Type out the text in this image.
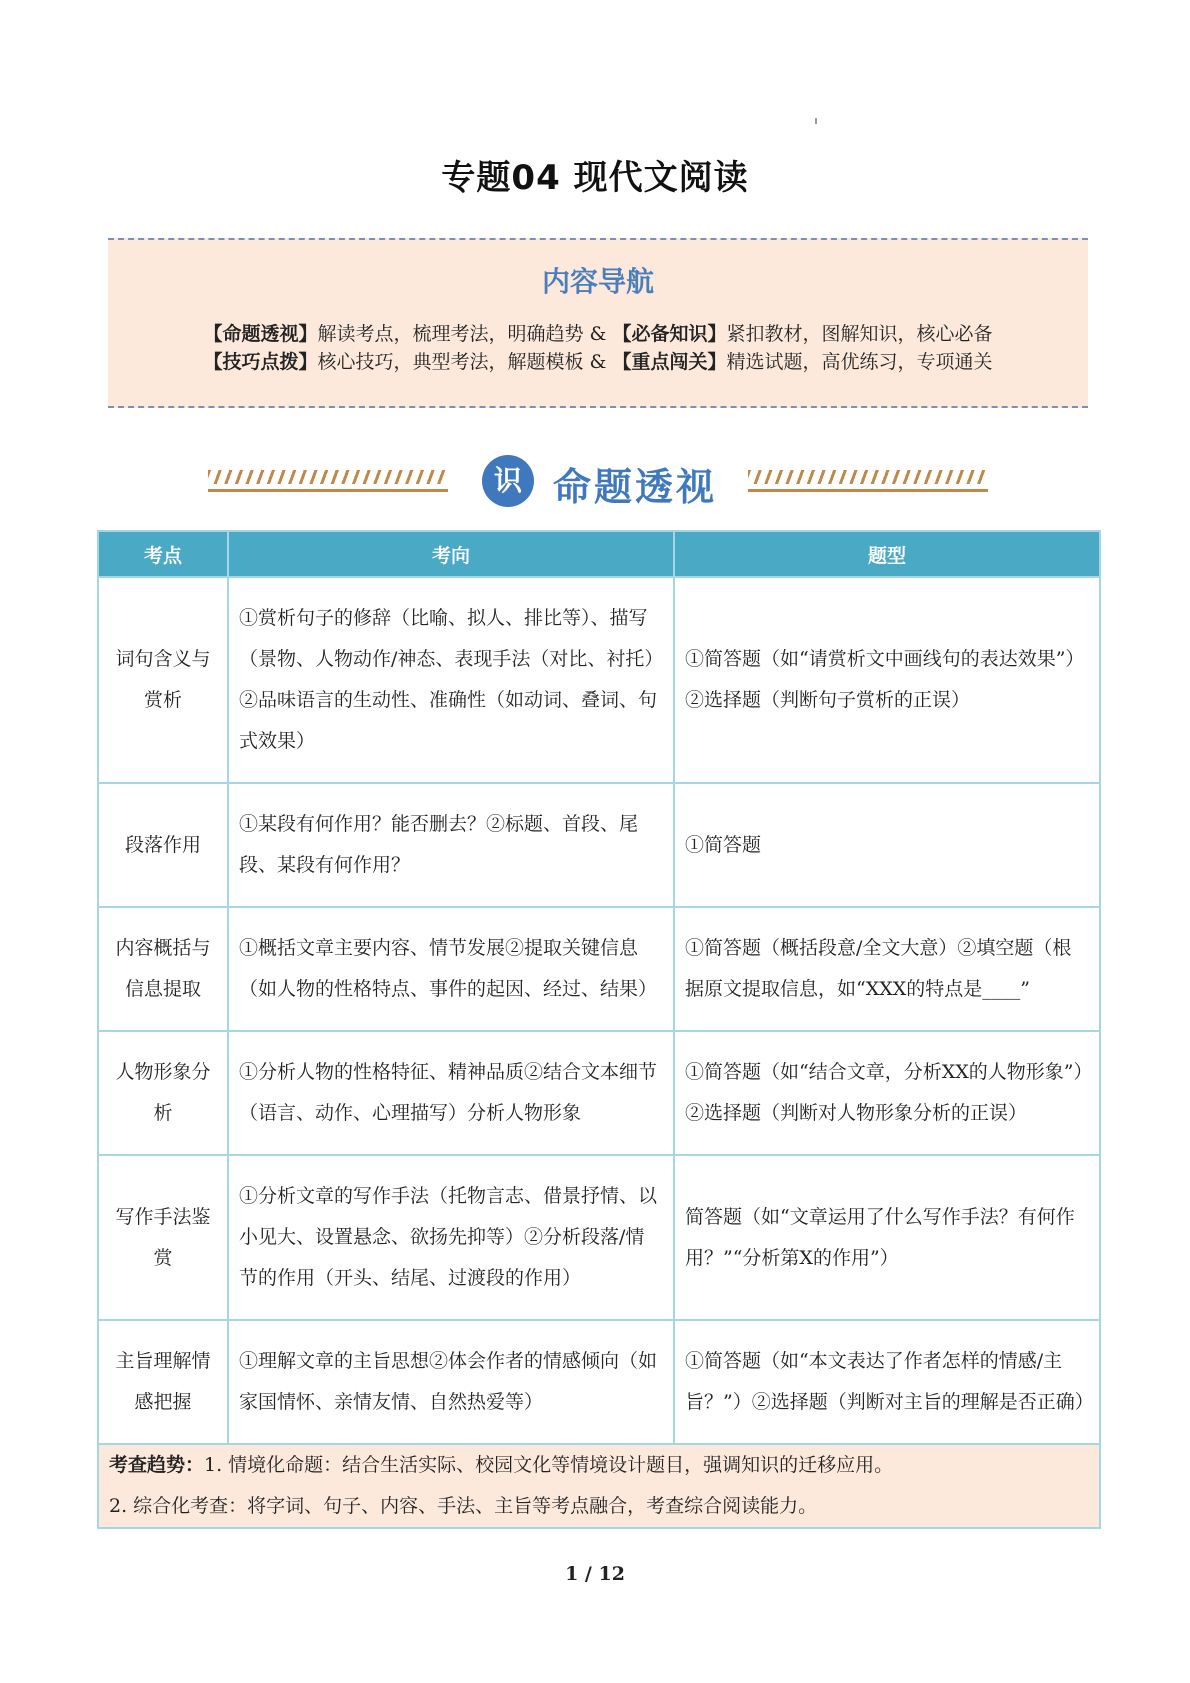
专题04 现代文阅读
内容导航
【命题透视】解读考点，梳理考法，明确趋势 & 【必备知识】紧扣教材，图解知识，核心必备
【技巧点拨】核心技巧，典型考法，解题模板 & 【重点闯关】精选试题，高优练习，专项通关
识 命题透视
考点	考向	题型
词句含义与赏析	①赏析句子的修辞（比喻、拟人、排比等）、描写（景物、人物动作/神态、表现手法（对比、衬托）②品味语言的生动性、准确性（如动词、叠词、句式效果）	①简答题（如“请赏析文中画线句的表达效果”）②选择题（判断句子赏析的正误）
段落作用	①某段有何作用？能否删去？②标题、首段、尾段、某段有何作用？	①简答题
内容概括与信息提取	①概括文章主要内容、情节发展②提取关键信息（如人物的性格特点、事件的起因、经过、结果）	①简答题（概括段意/全文大意）②填空题（根据原文提取信息，如“XXX的特点是____”
人物形象分析	①分析人物的性格特征、精神品质②结合文本细节（语言、动作、心理描写）分析人物形象	①简答题（如“结合文章，分析XX的人物形象”）②选择题（判断对人物形象分析的正误）
写作手法鉴赏	①分析文章的写作手法（托物言志、借景抒情、以小见大、设置悬念、欲扬先抑等）②分析段落/情节的作用（开头、结尾、过渡段的作用）	简答题（如“文章运用了什么写作手法？有何作用？”“分析第X的作用”）
主旨理解情感把握	①理解文章的主旨思想②体会作者的情感倾向（如家国情怀、亲情友情、自然热爱等）	①简答题（如“本文表达了作者怎样的情感/主旨？”）②选择题（判断对主旨的理解是否正确）
考查趋势：1. 情境化命题：结合生活实际、校园文化等情境设计题目，强调知识的迁移应用。
2. 综合化考查：将字词、句子、内容、手法、主旨等考点融合，考查综合阅读能力。		
1 / 12
